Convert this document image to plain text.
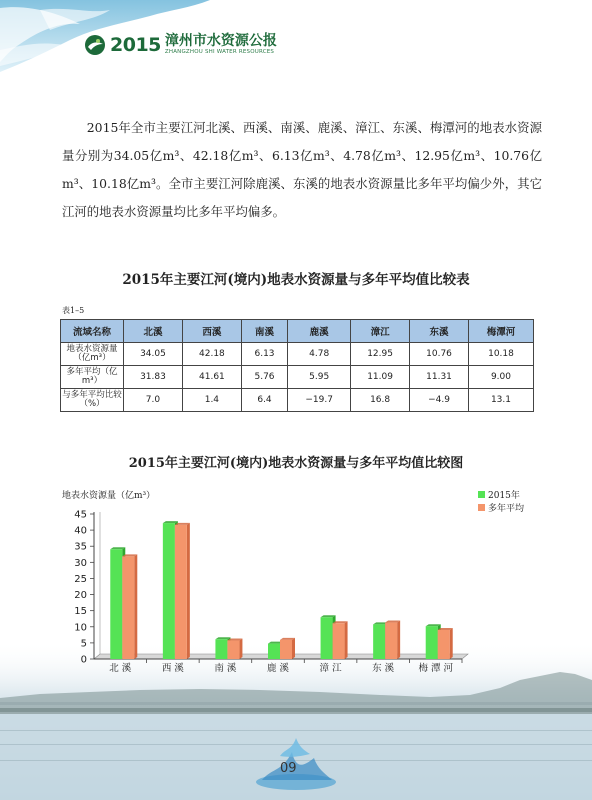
2015 漳州市水资源公报
ZHANGZHOU SHI WATER RESOURCES

2015年全市主要江河北溪、西溪、南溪、鹿溪、漳江、东溪、梅潭河的地表水资源量分别为34.05亿m³、42.18亿m³、6.13亿m³、4.78亿m³、12.95亿m³、10.76亿m³、10.18亿m³。全市主要江河除鹿溪、东溪的地表水资源量比多年平均偏少外，其它江河的地表水资源量均比多年平均偏多。

2015年主要江河(境内)地表水资源量与多年平均值比较表
表1–5
流域名称	北溪	西溪	南溪	鹿溪	漳江	东溪	梅潭河
地表水资源量（亿m³）	34.05	42.18	6.13	4.78	12.95	10.76	10.18
多年平均（亿m³）	31.83	41.61	5.76	5.95	11.09	11.31	9.00
与多年平均比较（%）	7.0	1.4	6.4	−19.7	16.8	−4.9	13.1
2015年主要江河(境内)地表水资源量与多年平均值比较图
地表水资源量（亿m³）
0
5
10
15
20
25
30
35
40
45
北 溪	西 溪	南 溪	鹿 溪	漳 江	东 溪	梅 潭 河
2015年
多年平均
09
